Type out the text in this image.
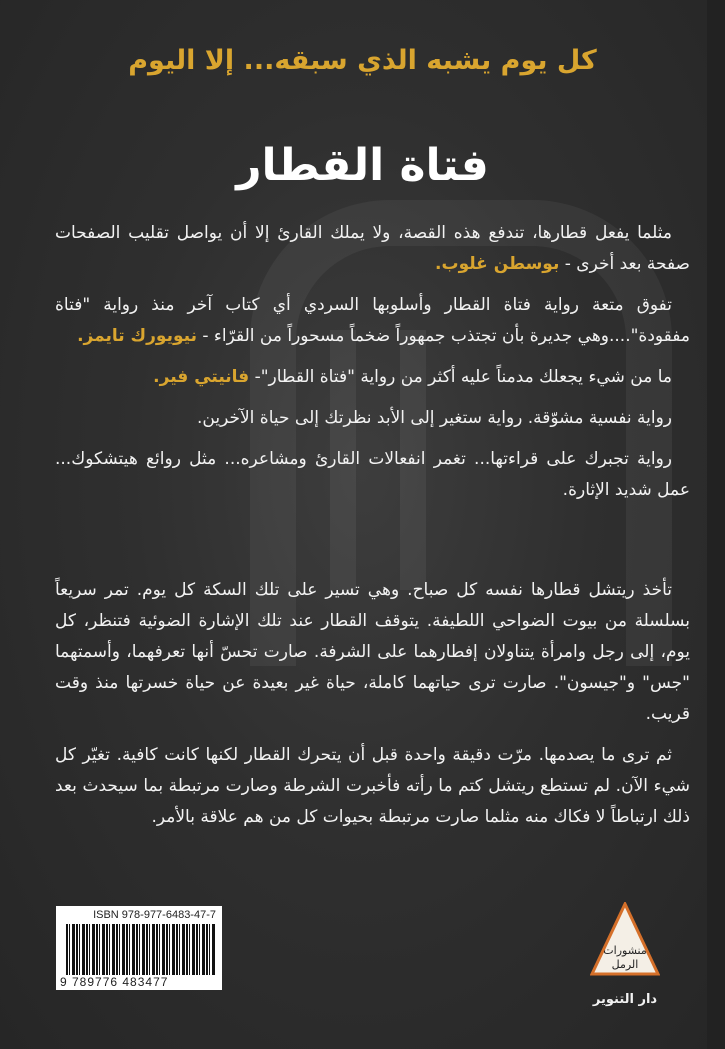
كل يوم يشبه الذي سبقه... إلا اليوم
فتاة القطار

مثلما يفعل قطارها، تندفع هذه القصة، ولا يملك القارئ إلا أن يواصل تقليب الصفحات صفحة بعد أخرى - بوسطن غلوب.

تفوق متعة رواية فتاة القطار وأسلوبها السردي أي كتاب آخر منذ رواية "فتاة مفقودة"....وهي جديرة بأن تجتذب جمهوراً ضخماً مسحوراً من القرّاء - نيويورك تايمز.

ما من شيء يجعلك مدمناً عليه أكثر من رواية "فتاة القطار"- فانيتي فير.

رواية نفسية مشوّقة. رواية ستغير إلى الأبد نظرتك إلى حياة الآخرين.

رواية تجبرك على قراءتها... تغمر انفعالات القارئ ومشاعره... مثل روائع هيتشكوك... عمل شديد الإثارة.

تأخذ ريتشل قطارها نفسه كل صباح. وهي تسير على تلك السكة كل يوم. تمر سريعاً بسلسلة من بيوت الضواحي اللطيفة. يتوقف القطار عند تلك الإشارة الضوئية فتنظر، كل يوم، إلى رجل وامرأة يتناولان إفطارهما على الشرفة. صارت تحسّ أنها تعرفهما، وأسمتهما "جس" و"جيسون". صارت ترى حياتهما كاملة، حياة غير بعيدة عن حياة خسرتها منذ وقت قريب.

ثم ترى ما يصدمها. مرّت دقيقة واحدة قبل أن يتحرك القطار لكنها كانت كافية. تغيّر كل شيء الآن. لم تستطع ريتشل كتم ما رأته فأخبرت الشرطة وصارت مرتبطة بما سيحدث بعد ذلك ارتباطاً لا فكاك منه مثلما صارت مرتبطة بحيوات كل من هم علاقة بالأمر.

ISBN 978-977-6483-47-7
9 789776 483477
منشورات
الرمل
دار التنوير
